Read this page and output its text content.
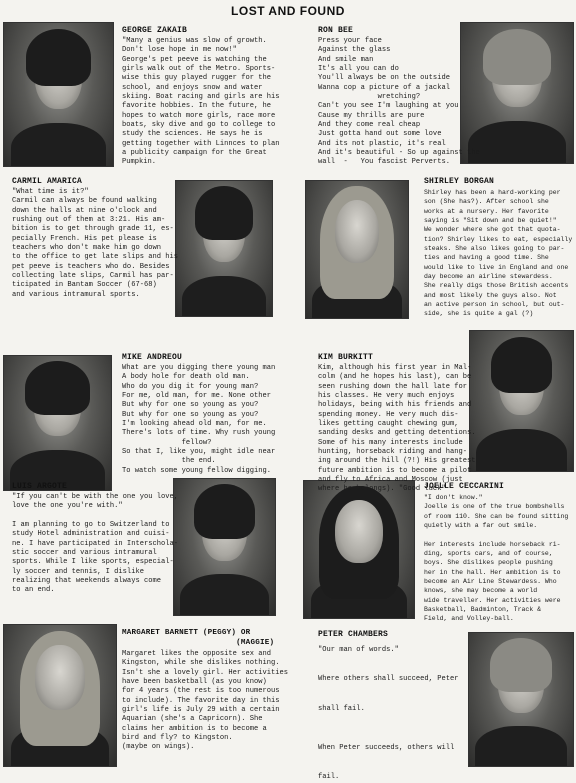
LOST AND FOUND
GEORGE ZAKAIB
"Many a genius was slow of growth.
Don't lose hope in me now!"
George's pet peeve is watching the
girls walk out of the Metro. Sports-
wise this guy played rugger for the
school, and enjoys snow and water
skiing. Boat racing and girls are his
favorite hobbies. In the future, he
hopes to watch more girls, race more
boats, sky dive and go to college to
study the sciences. He says he is
getting together with Linnces to plan
a publicity campaign for the Great
Pumpkin.
RON BEE
Press your face
Against the glass
And smile man
It's all you can do
You'll always be on the outside
Wanna cop a picture of a jackal
wretching?
Can't you see I'm laughing at you
Cause my thrills are pure
And they come real cheap
Just gotta hand out some love
And its not plastic, it's real
And it's beautiful - So up against the
wall  -   You fascist Perverts.
CARMIL AMARICA
"What time is it?"
Carmil can always be found walking
down the halls at nine o'clock and
rushing out of them at 3:21. His am-
bition is to get through grade 11, es-
pecially French. His pet please is
teachers who don't make him go down
to the office to get late slips and his
pet peeve is teachers who do. Besides
collecting late slips, Carmil has par-
ticipated in Bantam Soccer (67-68)
and various intramural sports.
SHIRLEY BORGAN
Shirley has been a hard-working per
son (She has?). After school she
works at a nursery. Her favorite
saying is "Sit down and be quiet!"
We wonder where she got that quota-
tion? Shirley likes to eat, especially
steaks. She also likes going to par-
ties and having a good time. She
would like to live in England and one
day become an airline stewardess.
She really digs those British accents
and most likely the guys also. Not
an active person in school, but out-
side, she is quite a gal (?)
MIKE ANDREOU
What are you digging there young man
A body hole for death old man.
Who do you dig it for young man?
For me, old man, for me. None other
But why for one so young as you?
But why for one so young as you?
I'm looking ahead old man, for me.
There's lots of time. Why rush young
fellow?
So that I, like you, might idle near
the end.
To watch some young fellow digging.
KIM BURKITT
Kim, although his first year in Mal-
colm (and he hopes his last), can be
seen rushing down the hall late for
his classes. He very much enjoys
holidays, being with his friends and
spending money. He very much dis-
likes getting caught chewing gum,
sanding desks and getting detentions.
Some of his many interests include
hunting, horseback riding and hang-
ing around the hill (?!) His greatest
future ambition is to become a pilot
and fly to Africa and Moscow (just
where he belongs). "Good luck"
LUIS ARGOTE
"If you can't be with the one you love,
love the one you're with."

I am planning to go to Switzerland to
study Hotel administration and cuisi-
ne. I have participated in Interschola-
stic soccer and various intramural
sports. While I like sports, especial-
ly soccer and tennis, I dislike
realizing that weekends always come
to an end.
JOELLE CECCARINI
"I don't know."
Joelle is one of the true bombshells
of room 110. She can be found sitting
quietly with a far out smile.

Her interests include horseback ri-
ding, sports cars, and of course,
boys. She dislikes people pushing
her in the hall. Her ambition is to
become an Air Line Stewardess. Who
knows, she may become a world
wide traveller. Her activities were
Basketball, Badminton, Track &
Field, and Volley-ball.
MARGARET BARNETT (PEGGY) OR
(MAGGIE)
Margaret likes the opposite sex and
Kingston, while she dislikes nothing.
Isn't she a lovely girl. Her activities
have been basketball (as you know)
for 4 years (the rest is too numerous
to include). The favorite day in this
girl's life is July 29 with a certain
Aquarian (she's a Capricorn). She
claims her ambition is to become a
bird and fly? to Kingston.
(maybe on wings).
PETER CHAMBERS
"Our man of words."

Where others shall succeed, Peter

shall fail.

When Peter succeeds, others will

fail.
